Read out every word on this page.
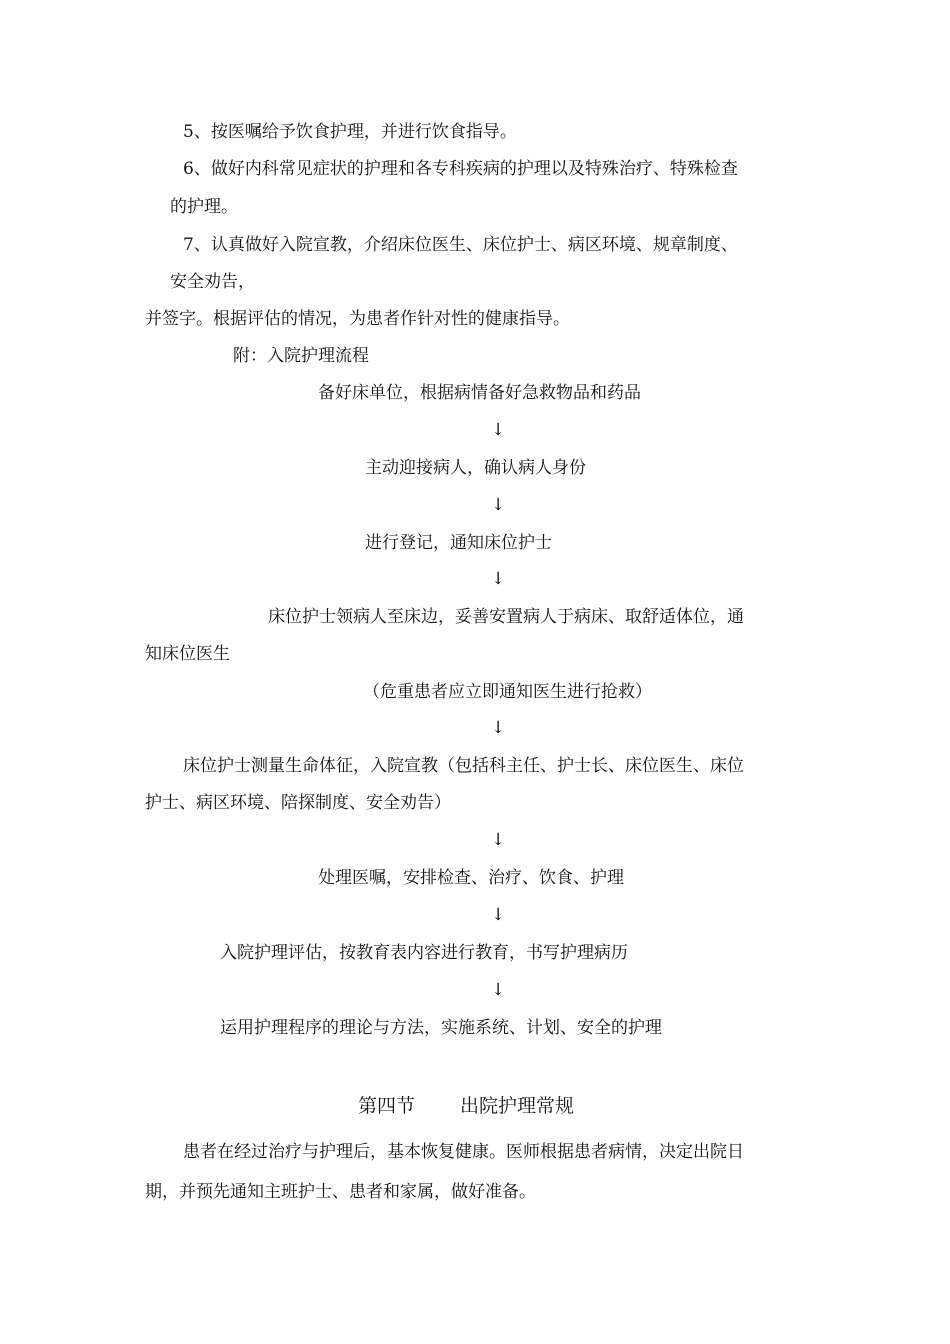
5、按医嘱给予饮食护理，并进行饮食指导。
6、做好内科常见症状的护理和各专科疾病的护理以及特殊治疗、特殊检查
的护理。
7、认真做好入院宣教，介绍床位医生、床位护士、病区环境、规章制度、
安全劝告，
并签字。根据评估的情况，为患者作针对性的健康指导。
附：入院护理流程
备好床单位，根据病情备好急救物品和药品
↓
主动迎接病人，确认病人身份
↓
进行登记，通知床位护士
↓
床位护士领病人至床边，妥善安置病人于病床、取舒适体位，通
知床位医生
（危重患者应立即通知医生进行抢救）
↓
床位护士测量生命体征，入院宣教（包括科主任、护士长、床位医生、床位
护士、病区环境、陪探制度、安全劝告）
↓
处理医嘱，安排检查、治疗、饮食、护理
↓
入院护理评估，按教育表内容进行教育，书写护理病历
↓
运用护理程序的理论与方法，实施系统、计划、安全的护理
第四节 出院护理常规
患者在经过治疗与护理后，基本恢复健康。医师根据患者病情，决定出院日
期，并预先通知主班护士、患者和家属，做好准备。
